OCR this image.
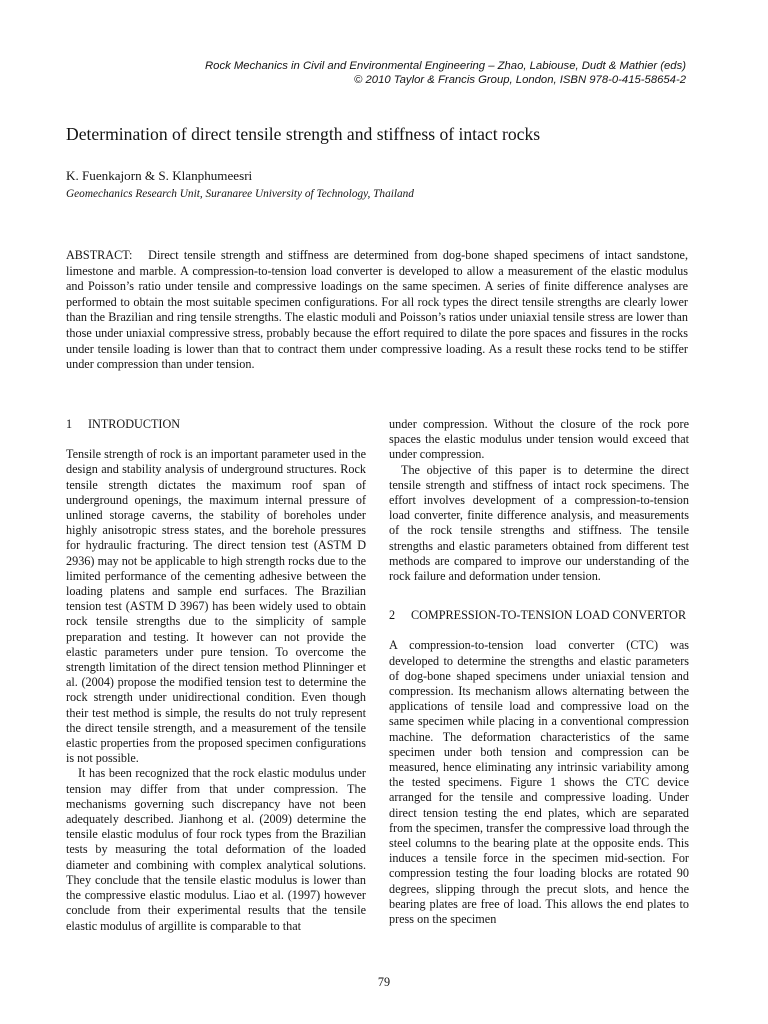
Rock Mechanics in Civil and Environmental Engineering – Zhao, Labiouse, Dudt & Mathier (eds)
© 2010 Taylor & Francis Group, London, ISBN 978-0-415-58654-2
Determination of direct tensile strength and stiffness of intact rocks
K. Fuenkajorn & S. Klanphumeesri
Geomechanics Research Unit, Suranaree University of Technology, Thailand

ABSTRACT: Direct tensile strength and stiffness are determined from dog-bone shaped specimens of intact sandstone, limestone and marble. A compression-to-tension load converter is developed to allow a measurement of the elastic modulus and Poisson’s ratio under tensile and compressive loadings on the same specimen. A series of finite difference analyses are performed to obtain the most suitable specimen configurations. For all rock types the direct tensile strengths are clearly lower than the Brazilian and ring tensile strengths. The elastic moduli and Poisson’s ratios under uniaxial tensile stress are lower than those under uniaxial compressive stress, probably because the effort required to dilate the pore spaces and fissures in the rocks under tensile loading is lower than that to contract them under compressive loading. As a result these rocks tend to be stiffer under compression than under tension.

1	INTRODUCTION

Tensile strength of rock is an important parameter used in the design and stability analysis of underground structures. Rock tensile strength dictates the maximum roof span of underground openings, the maximum internal pressure of unlined storage caverns, the stability of boreholes under highly anisotropic stress states, and the borehole pressures for hydraulic fracturing. The direct tension test (ASTM D 2936) may not be applicable to high strength rocks due to the limited performance of the cementing adhesive between the loading platens and sample end surfaces. The Brazilian tension test (ASTM D 3967) has been widely used to obtain rock tensile strengths due to the simplicity of sample preparation and testing. It however can not provide the elastic parameters under pure tension. To overcome the strength limitation of the direct tension method Plinninger et al. (2004) propose the modified tension test to determine the rock strength under unidirectional condition. Even though their test method is simple, the results do not truly represent the direct tensile strength, and a measurement of the tensile elastic properties from the proposed specimen configurations is not possible.

It has been recognized that the rock elastic modulus under tension may differ from that under compression. The mechanisms governing such discrepancy have not been adequately described. Jianhong et al. (2009) determine the tensile elastic modulus of four rock types from the Brazilian tests by measuring the total deformation of the loaded diameter and combining with complex analytical solutions. They conclude that the tensile elastic modulus is lower than the compressive elastic modulus. Liao et al. (1997) however conclude from their experimental results that the tensile elastic modulus of argillite is comparable to that

under compression. Without the closure of the rock pore spaces the elastic modulus under tension would exceed that under compression.

The objective of this paper is to determine the direct tensile strength and stiffness of intact rock specimens. The effort involves development of a compression-to-tension load converter, finite difference analysis, and measurements of the rock tensile strengths and stiffness. The tensile strengths and elastic parameters obtained from different test methods are compared to improve our understanding of the rock failure and deformation under tension.

2	COMPRESSION-TO-TENSION LOAD CONVERTOR

A compression-to-tension load converter (CTC) was developed to determine the strengths and elastic parameters of dog-bone shaped specimens under uniaxial tension and compression. Its mechanism allows alternating between the applications of tensile load and compressive load on the same specimen while placing in a conventional compression machine. The deformation characteristics of the same specimen under both tension and compression can be measured, hence eliminating any intrinsic variability among the tested specimens. Figure 1 shows the CTC device arranged for the tensile and compressive loading. Under direct tension testing the end plates, which are separated from the specimen, transfer the compressive load through the steel columns to the bearing plate at the opposite ends. This induces a tensile force in the specimen mid-section. For compression testing the four loading blocks are rotated 90 degrees, slipping through the precut slots, and hence the bearing plates are free of load. This allows the end plates to press on the specimen

79
